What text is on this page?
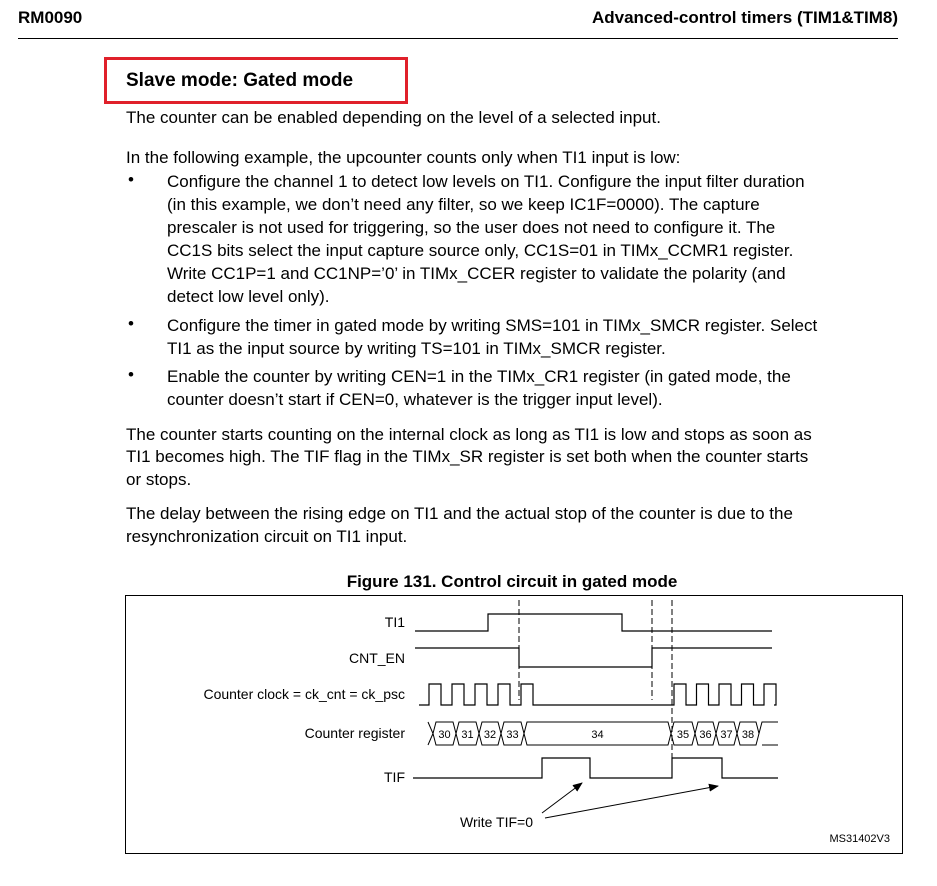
RM0090	Advanced-control timers (TIM1&TIM8)
Slave mode: Gated mode
The counter can be enabled depending on the level of a selected input.
In the following example, the upcounter counts only when TI1 input is low:
• Configure the channel 1 to detect low levels on TI1. Configure the input filter duration
(in this example, we don’t need any filter, so we keep IC1F=0000). The capture
prescaler is not used for triggering, so the user does not need to configure it. The
CC1S bits select the input capture source only, CC1S=01 in TIMx_CCMR1 register.
Write CC1P=1 and CC1NP=’0’ in TIMx_CCER register to validate the polarity (and
detect low level only).
• Configure the timer in gated mode by writing SMS=101 in TIMx_SMCR register. Select
TI1 as the input source by writing TS=101 in TIMx_SMCR register.
• Enable the counter by writing CEN=1 in the TIMx_CR1 register (in gated mode, the
counter doesn’t start if CEN=0, whatever is the trigger input level).
The counter starts counting on the internal clock as long as TI1 is low and stops as soon as
TI1 becomes high. The TIF flag in the TIMx_SR register is set both when the counter starts
or stops.
The delay between the rising edge on TI1 and the actual stop of the counter is due to the
resynchronization circuit on TI1 input.
Figure 131. Control circuit in gated mode
TI1
CNT_EN
Counter clock = ck_cnt = ck_psc
Counter register
TIF
30 31 32 33	34	35 36 37 38
Write TIF=0
MS31402V3
